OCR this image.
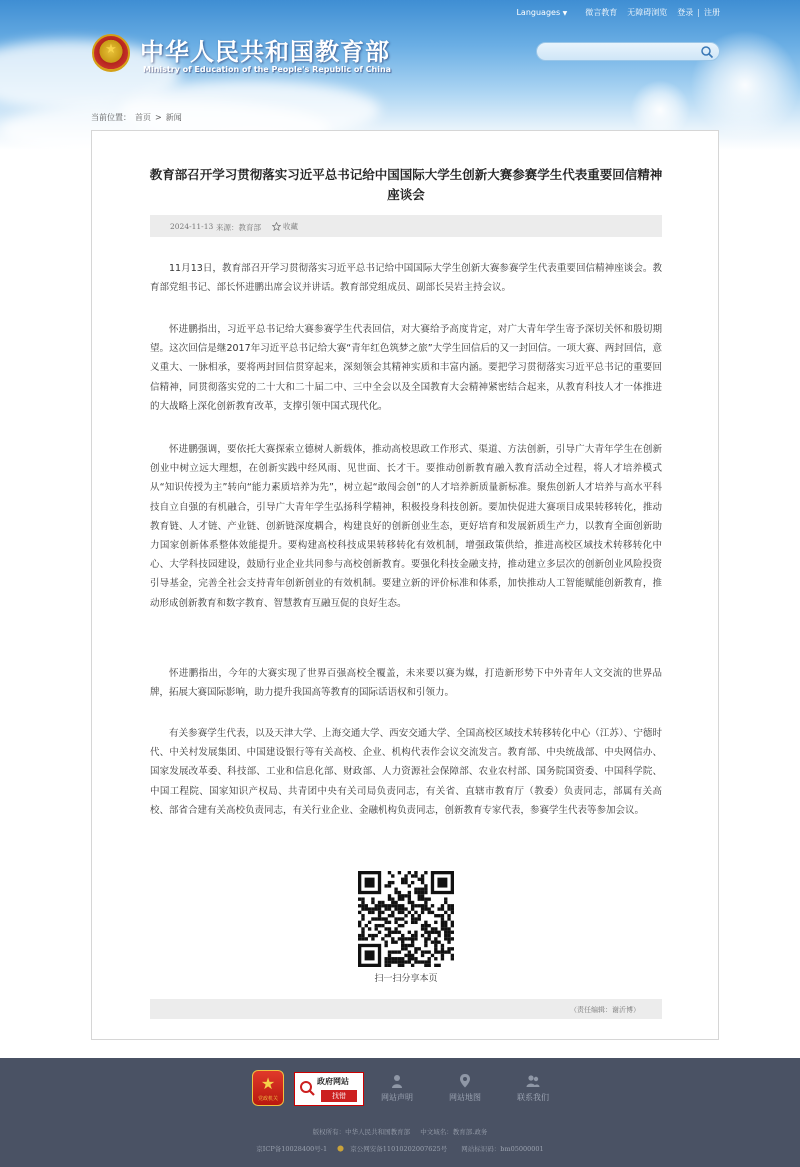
★ 中华人民共和国教育部
Ministry of Education of the People's Republic of China
Languages ▼ 微言教育 无障碍浏览 登录 | 注册
当前位置： 首页 > 新闻
教育部召开学习贯彻落实习近平总书记给中国国际大学生创新大赛参赛学生代表重要回信精神座谈会
2024-11-13 来源：教育部	收藏
11月13日，教育部召开学习贯彻落实习近平总书记给中国国际大学生创新大赛参赛学生代表重要回信精神座谈会。教育部党组书记、部长怀进鹏出席会议并讲话。教育部党组成员、副部长吴岩主持会议。
怀进鹏指出，习近平总书记给大赛参赛学生代表回信，对大赛给予高度肯定，对广大青年学生寄予深切关怀和殷切期望。这次回信是继2017年习近平总书记给大赛“青年红色筑梦之旅”大学生回信后的又一封回信。一项大赛、两封回信，意义重大、一脉相承，要将两封回信贯穿起来，深刻领会其精神实质和丰富内涵。要把学习贯彻落实习近平总书记的重要回信精神，同贯彻落实党的二十大和二十届二中、三中全会以及全国教育大会精神紧密结合起来，从教育科技人才一体推进的大战略上深化创新教育改革，支撑引领中国式现代化。
怀进鹏强调，要依托大赛探索立德树人新载体，推动高校思政工作形式、渠道、方法创新，引导广大青年学生在创新创业中树立远大理想，在创新实践中经风雨、见世面、长才干。要推动创新教育融入教育活动全过程，将人才培养模式从“知识传授为主”转向“能力素质培养为先”，树立起“敢闯会创”的人才培养新质量新标准。聚焦创新人才培养与高水平科技自立自强的有机融合，引导广大青年学生弘扬科学精神，积极投身科技创新。要加快促进大赛项目成果转移转化，推动教育链、人才链、产业链、创新链深度耦合，构建良好的创新创业生态，更好培育和发展新质生产力，以教育全面创新助力国家创新体系整体效能提升。要构建高校科技成果转移转化有效机制，增强政策供给，推进高校区域技术转移转化中心、大学科技园建设，鼓励行业企业共同参与高校创新教育。要强化科技金融支持，推动建立多层次的创新创业风险投资引导基金，完善全社会支持青年创新创业的有效机制。要建立新的评价标准和体系，加快推动人工智能赋能创新教育，推动形成创新教育和数字教育、智慧教育互融互促的良好生态。
怀进鹏指出，今年的大赛实现了世界百强高校全覆盖，未来要以赛为媒，打造新形势下中外青年人文交流的世界品牌，拓展大赛国际影响，助力提升我国高等教育的国际话语权和引领力。
有关参赛学生代表，以及天津大学、上海交通大学、西安交通大学、全国高校区域技术转移转化中心（江苏）、宁德时代、中关村发展集团、中国建设银行等有关高校、企业、机构代表作会议交流发言。教育部、中央统战部、中央网信办、国家发展改革委、科技部、工业和信息化部、财政部、人力资源社会保障部、农业农村部、国务院国资委、中国科学院、中国工程院、国家知识产权局、共青团中央有关司局负责同志，有关省、直辖市教育厅（教委）负责同志，部属有关高校、部省合建有关高校负责同志，有关行业企业、金融机构负责同志，创新教育专家代表，参赛学生代表等参加会议。
扫一扫分享本页
（责任编辑：谢沂博）
★
党政机关
政府网站
找错	网站声明	网站地图	联系我们
版权所有：中华人民共和国教育部 中文域名：教育部.政务
京ICP备10028400号-1	京公网安备11010202007625号 网站标识码：bm05000001
